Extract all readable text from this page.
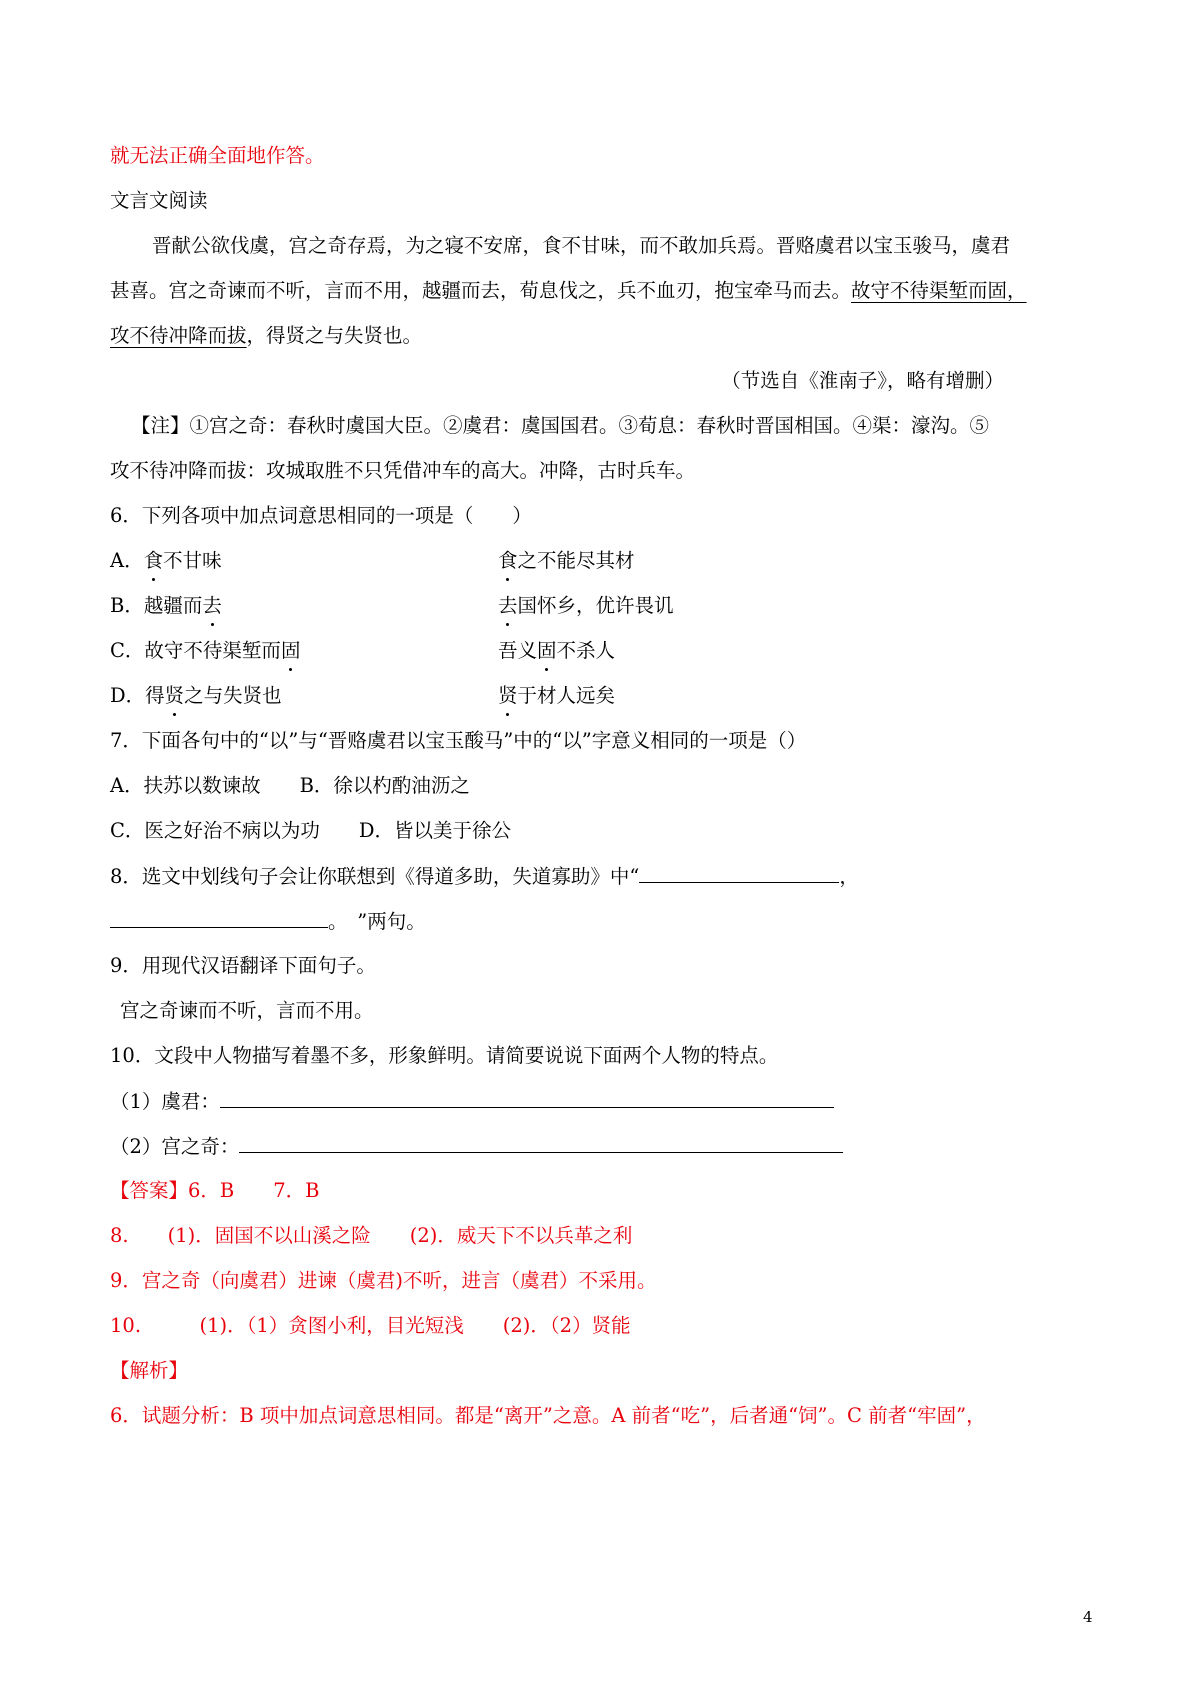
就无法正确全面地作答。
文言文阅读
晋献公欲伐虞，宫之奇存焉，为之寝不安席，食不甘味，而不敢加兵焉。晋赂虞君以宝玉骏马，虞君
甚喜。宫之奇谏而不听，言而不用，越疆而去，荀息伐之，兵不血刃，抱宝牵马而去。故守不待渠堑而固，
攻不待冲降而拔，得贤之与失贤也。
（节选自《淮南子》，略有增删）
【注】①宫之奇：春秋时虞国大臣。②虞君：虞国国君。③荀息：春秋时晋国相国。④渠：濠沟。⑤
攻不待冲降而拔：攻城取胜不只凭借冲车的高大。冲降，古时兵车。
6．下列各项中加点词意思相同的一项是（　　）
A．食不甘味	食之不能尽其材
B．越疆而去	去国怀乡，优许畏讥
C．故守不待渠堑而固	吾义固不杀人
D．得贤之与失贤也	贤于材人远矣
7．下面各句中的“以”与“晋赂虞君以宝玉酸马”中的“以”字意义相同的一项是（）
A．扶苏以数谏故　　B．徐以杓酌油沥之
C．医之好治不病以为功　　D．皆以美于徐公
8．选文中划线句子会让你联想到《得道多助，失道寡助》中“	，
。　”两句。
9．用现代汉语翻译下面句子。
宫之奇谏而不听，言而不用。
10．文段中人物描写着墨不多，形象鲜明。请简要说说下面两个人物的特点。
（1）虞君：
（2）宫之奇：
【答案】6．B　　7．B
8.　　(1)．固国不以山溪之险　　(2)．威天下不以兵革之利
9．宫之奇（向虞君）进谏（虞君)不听，进言（虞君）不采用。
10.　　　(1)．（1）贪图小利，目光短浅　　(2)．（2）贤能
【解析】
6．试题分析：B 项中加点词意思相同。都是“离开”之意。A 前者“吃”，后者通“饲”。C 前者“牢固”，
4
